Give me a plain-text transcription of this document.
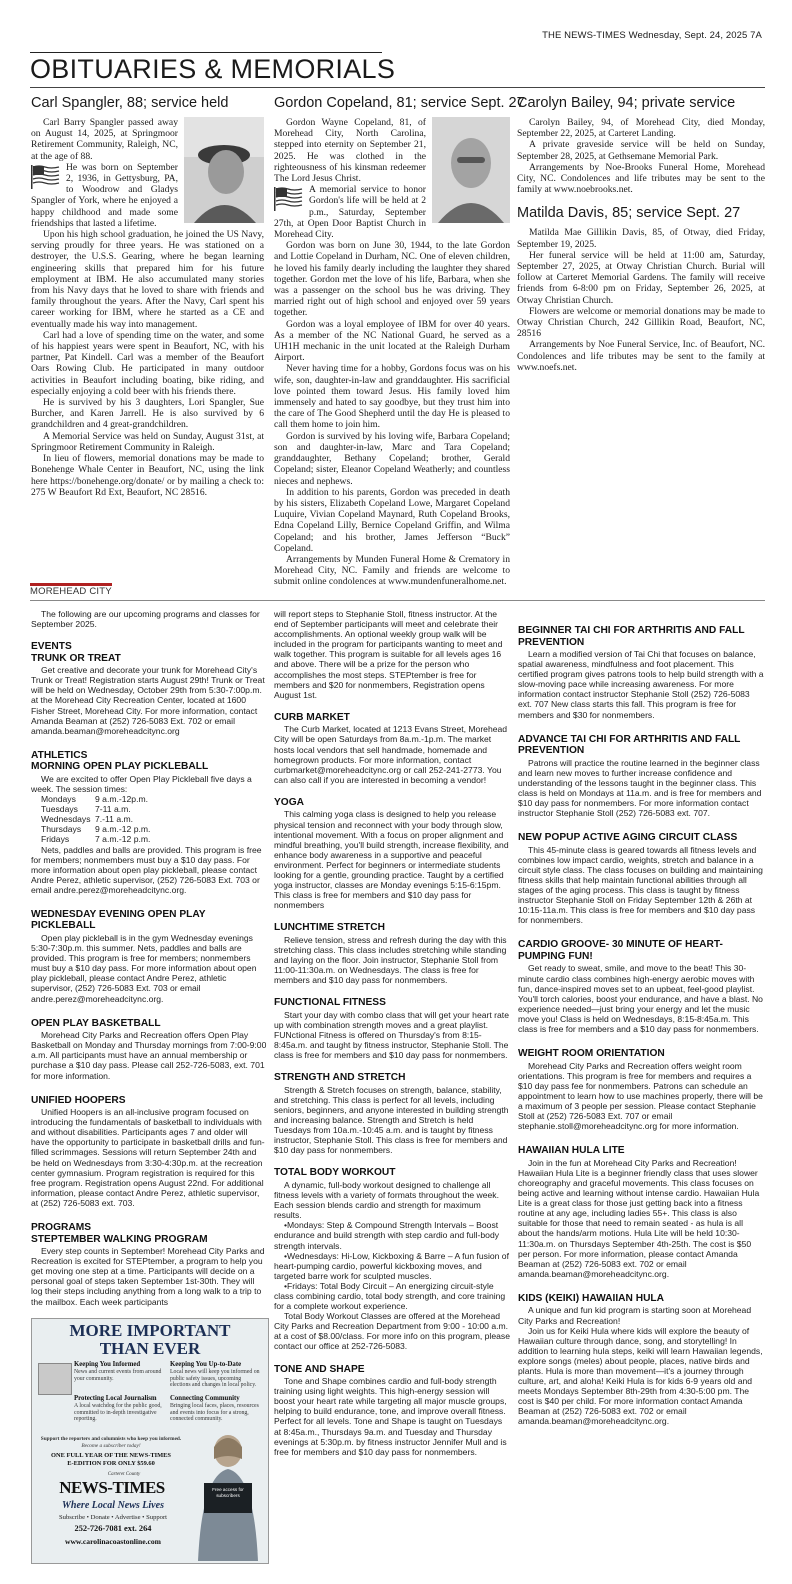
THE NEWS-TIMES Wednesday, Sept. 24, 2025 7A
OBITUARIES & MEMORIALS
Carl Spangler, 88; service held

Carl Barry Spangler passed away on August 14, 2025, at Springmoor Retirement Community, Raleigh, NC, at the age of 88.

He was born on September 2, 1936, in Gettysburg, PA, to Woodrow and Gladys Spangler of York, where he enjoyed a happy childhood and made some friendships that lasted a lifetime.

Upon his high school graduation, he joined the US Navy, serving proudly for three years. He was stationed on a destroyer, the U.S.S. Gearing, where he began learning engineering skills that prepared him for his future employment at IBM. He also accumulated many stories from his Navy days that he loved to share with friends and family throughout the years. After the Navy, Carl spent his career working for IBM, where he started as a CE and eventually made his way into management.

Carl had a love of spending time on the water, and some of his happiest years were spent in Beaufort, NC, with his partner, Pat Kindell. Carl was a member of the Beaufort Oars Rowing Club. He participated in many outdoor activities in Beaufort including boating, bike riding, and especially enjoying a cold beer with his friends there.

He is survived by his 3 daughters, Lori Spangler, Sue Burcher, and Karen Jarrell. He is also survived by 6 grandchildren and 4 great-grandchildren.

A Memorial Service was held on Sunday, August 31st, at Springmoor Retirement Community in Raleigh.

In lieu of flowers, memorial donations may be made to Bonehenge Whale Center in Beaufort, NC, using the link here https://bonehenge.org/donate/ or by mailing a check to: 275 W Beaufort Rd Ext, Beaufort, NC 28516.

Gordon Copeland, 81; service Sept. 27

Gordon Wayne Copeland, 81, of Morehead City, North Carolina, stepped into eternity on September 21, 2025. He was clothed in the righteousness of his kinsman redeemer The Lord Jesus Christ.

A memorial service to honor Gordon's life will be held at 2 p.m., Saturday, September 27th, at Open Door Baptist Church in Morehead City.

Gordon was born on June 30, 1944, to the late Gordon and Lottie Copeland in Durham, NC. One of eleven children, he loved his family dearly including the laughter they shared together. Gordon met the love of his life, Barbara, when she was a passenger on the school bus he was driving. They married right out of high school and enjoyed over 59 years together.

Gordon was a loyal employee of IBM for over 40 years. As a member of the NC National Guard, he served as a UH1H mechanic in the unit located at the Raleigh Durham Airport.

Never having time for a hobby, Gordons focus was on his wife, son, daughter-in-law and granddaughter. His sacrificial love pointed them toward Jesus. His family loved him immensely and hated to say goodbye, but they trust him into the care of The Good Shepherd until the day He is pleased to call them home to join him.

Gordon is survived by his loving wife, Barbara Copeland; son and daughter-in-law, Marc and Tara Copeland; granddaughter, Bethany Copeland; brother, Gerald Copeland; sister, Eleanor Copeland Weatherly; and countless nieces and nephews.

In addition to his parents, Gordon was preceded in death by his sisters, Elizabeth Copeland Lowe, Margaret Copeland Luquire, Vivian Copeland Maynard, Ruth Copeland Brooks, Edna Copeland Lilly, Bernice Copeland Griffin, and Wilma Copeland; and his brother, James Jefferson “Buck” Copeland.

Arrangements by Munden Funeral Home & Crematory in Morehead City, NC. Family and friends are welcome to submit online condolences at www.mundenfuneralhome.net.

Carolyn Bailey, 94; private service

Carolyn Bailey, 94, of Morehead City, died Monday, September 22, 2025, at Carteret Landing.

A private graveside service will be held on Sunday, September 28, 2025, at Gethsemane Memorial Park.

Arrangements by Noe-Brooks Funeral Home, Morehead City, NC. Condolences and life tributes may be sent to the family at www.noebrooks.net.

Matilda Davis, 85; service Sept. 27

Matilda Mae Gillikin Davis, 85, of Otway, died Friday, September 19, 2025.

Her funeral service will be held at 11:00 am, Saturday, September 27, 2025, at Otway Christian Church. Burial will follow at Carteret Memorial Gardens. The family will receive friends from 6-8:00 pm on Friday, September 26, 2025, at Otway Christian Church.

Flowers are welcome or memorial donations may be made to Otway Christian Church, 242 Gillikin Road, Beaufort, NC, 28516

Arrangements by Noe Funeral Service, Inc. of Beaufort, NC. Condolences and life tributes may be sent to the family at www.noefs.net.

MOREHEAD CITY

The following are our upcoming programs and classes for September 2025.

EVENTS
TRUNK OR TREAT

Get creative and decorate your trunk for Morehead City's Trunk or Treat! Registration starts August 29th! Trunk or Treat will be held on Wednesday, October 29th from 5:30-7:00p.m. at the Morehead City Recreation Center, located at 1600 Fisher Street, Morehead City. For more information, contact Amanda Beaman at (252) 726-5083 Ext. 702 or email amanda.beaman@moreheadcitync.org

ATHLETICS
MORNING OPEN PLAY PICKLEBALL

We are excited to offer Open Play Pickleball five days a week. The session times:

Mondays	9 a.m.-12p.m.
Tuesdays	7-11 a.m.
Wednesdays 7.-11 a.m.
Thursdays	9 a.m.-12 p.m.
Fridays	7 a.m.-12 p.m.

Nets, paddles and balls are provided. This program is free for members; nonmembers must buy a $10 day pass. For more information about open play pickleball, please contact Andre Perez, athletic supervisor, (252) 726-5083 Ext. 703 or email andre.perez@moreheadcitync.org.

WEDNESDAY EVENING OPEN PLAY PICKLEBALL

Open play pickleball is in the gym Wednesday evenings 5:30-7:30p.m. this summer. Nets, paddles and balls are provided. This program is free for members; nonmembers must buy a $10 day pass. For more information about open play pickleball, please contact Andre Perez, athletic supervisor, (252) 726-5083 Ext. 703 or email andre.perez@moreheadcitync.org.

OPEN PLAY BASKETBALL

Morehead City Parks and Recreation offers Open Play Basketball on Monday and Thursday mornings from 7:00-9:00 a.m. All participants must have an annual membership or purchase a $10 day pass. Please call 252-726-5083, ext. 701 for more information.

UNIFIED HOOPERS

Unified Hoopers is an all-inclusive program focused on introducing the fundamentals of basketball to individuals with and without disabilities. Participants ages 7 and older will have the opportunity to participate in basketball drills and fun-filled scrimmages. Sessions will return September 24th and be held on Wednesdays from 3:30-4:30p.m. at the recreation center gymnasium. Program registration is required for this free program. Registration opens August 22nd. For additional information, please contact Andre Perez, athletic supervisor, at (252) 726-5083 ext. 703.

PROGRAMS
STEPTEMBER WALKING PROGRAM

Every step counts in September! Morehead City Parks and Recreation is excited for STEPtember, a program to help you get moving one step at a time. Participants will decide on a personal goal of steps taken September 1st-30th. They will log their steps including anything from a long walk to a trip to the mailbox. Each week participants

MORE IMPORTANT
THAN EVER
Keeping You Informed
News and current events from around your community.
Keeping You Up-to-Date
Local news will keep you informed on public safety issues, upcoming elections and changes in local policy.
Protecting Local Journalism
A local watchdog for the public good, committed to in-depth investigative reporting.
Connecting Community
Bringing local faces, places, resources and events into focus for a strong, connected community.
Support the reporters and columnists who keep you informed.
Become a subscriber today!
ONE FULL YEAR OF THE NEWS-TIMES
E-EDITION FOR ONLY $59.60
Carteret County
NEWS-TIMES
Where Local News Lives
Subscribe • Donate • Advertise • Support
252-726-7081 ext. 264
www.carolinacoastonline.com
Free access for subscribers

will report steps to Stephanie Stoll, fitness instructor. At the end of September participants will meet and celebrate their accomplishments. An optional weekly group walk will be included in the program for participants wanting to meet and walk together. This program is suitable for all levels ages 16 and above. There will be a prize for the person who accomplishes the most steps. STEPtember is free for members and $20 for nonmembers, Registration opens August 1st.

CURB MARKET

The Curb Market, located at 1213 Evans Street, Morehead City will be open Saturdays from 8a.m.-1p.m. The market hosts local vendors that sell handmade, homemade and homegrown products. For more information, contact curbmarket@moreheadcitync.org or call 252-241-2773. You can also call if you are interested in becoming a vendor!

YOGA

This calming yoga class is designed to help you release physical tension and reconnect with your body through slow, intentional movement. With a focus on proper alignment and mindful breathing, you'll build strength, increase flexibility, and enhance body awareness in a supportive and peaceful environment. Perfect for beginners or intermediate students looking for a gentle, grounding practice. Taught by a certified yoga instructor, classes are Monday evenings 5:15-6:15pm. This class is free for members and $10 day pass for nonmembers

LUNCHTIME STRETCH

Relieve tension, stress and refresh during the day with this stretching class. This class includes stretching while standing and laying on the floor. Join instructor, Stephanie Stoll from 11:00-11:30a.m. on Wednesdays. The class is free for members and $10 day pass for nonmembers.

FUNCTIONAL FITNESS

Start your day with combo class that will get your heart rate up with combination strength moves and a great playlist. FUNctional Fitness is offered on Thursday's from 8:15-8:45a.m. and taught by fitness instructor, Stephanie Stoll. The class is free for members and $10 day pass for nonmembers.

STRENGTH AND STRETCH

Strength & Stretch focuses on strength, balance, stability, and stretching. This class is perfect for all levels, including seniors, beginners, and anyone interested in building strength and increasing balance. Strength and Stretch is held Tuesdays from 10a.m.-10:45 a.m. and is taught by fitness instructor, Stephanie Stoll. This class is free for members and $10 day pass for nonmembers.

TOTAL BODY WORKOUT

A dynamic, full-body workout designed to challenge all fitness levels with a variety of formats throughout the week. Each session blends cardio and strength for maximum results.

•Mondays: Step & Compound Strength Intervals – Boost endurance and build strength with step cardio and full-body strength intervals.

•Wednesdays: Hi-Low, Kickboxing & Barre – A fun fusion of heart-pumping cardio, powerful kickboxing moves, and targeted barre work for sculpted muscles.

•Fridays: Total Body Circuit – An energizing circuit-style class combining cardio, total body strength, and core training for a complete workout experience.

Total Body Workout Classes are offered at the Morehead City Parks and Recreation Department from 9:00 - 10:00 a.m. at a cost of $8.00/class. For more info on this program, please contact our office at 252-726-5083.

TONE AND SHAPE

Tone and Shape combines cardio and full-body strength training using light weights. This high-energy session will boost your heart rate while targeting all major muscle groups, helping to build endurance, tone, and improve overall fitness. Perfect for all levels. Tone and Shape is taught on Tuesdays at 8:45a.m., Thursdays 9a.m. and Tuesday and Thursday evenings at 5:30p.m. by fitness instructor Jennifer Mull and is free for members and $10 day pass for nonmembers.

BEGINNER TAI CHI FOR ARTHRITIS AND FALL PREVENTION

Learn a modified version of Tai Chi that focuses on balance, spatial awareness, mindfulness and foot placement. This certified program gives patrons tools to help build strength with a slow-moving pace while increasing awareness. For more information contact instructor Stephanie Stoll (252) 726-5083 ext. 707 New class starts this fall. This program is free for members and $30 for nonmembers.

ADVANCE TAI CHI FOR ARTHRITIS AND FALL PREVENTION

Patrons will practice the routine learned in the beginner class and learn new moves to further increase confidence and understanding of the lessons taught in the beginner class. This class is held on Mondays at 11a.m. and is free for members and $10 day pass for nonmembers. For more information contact instructor Stephanie Stoll (252) 726-5083 ext. 707.

NEW POPUP ACTIVE AGING CIRCUIT CLASS

This 45-minute class is geared towards all fitness levels and combines low impact cardio, weights, stretch and balance in a circuit style class. The class focuses on building and maintaining fitness skills that help maintain functional abilities through all stages of the aging process. This class is taught by fitness instructor Stephanie Stoll on Friday September 12th & 26th at 10:15-11a.m. This class is free for members and $10 day pass for nonmembers.

CARDIO GROOVE- 30 MINUTE OF HEART-PUMPING FUN!

Get ready to sweat, smile, and move to the beat! This 30-minute cardio class combines high-energy aerobic moves with fun, dance-inspired moves set to an upbeat, feel-good playlist. You'll torch calories, boost your endurance, and have a blast. No experience needed—just bring your energy and let the music move you! Class is held on Wednesdays, 8:15-8:45a.m. This class is free for members and a $10 day pass for nonmembers.

WEIGHT ROOM ORIENTATION

Morehead City Parks and Recreation offers weight room orientations. This program is free for members and requires a $10 day pass fee for nonmembers. Patrons can schedule an appointment to learn how to use machines properly, there will be a maximum of 3 people per session. Please contact Stephanie Stoll at (252) 726-5083 Ext. 707 or email stephanie.stoll@moreheadcitync.org for more information.

HAWAIIAN HULA LITE

Join in the fun at Morehead City Parks and Recreation! Hawaiian Hula Lite is a beginner friendly class that uses slower choreography and graceful movements. This class focuses on being active and learning without intense cardio. Hawaiian Hula Lite is a great class for those just getting back into a fitness routine at any age, including ladies 55+. This class is also suitable for those that need to remain seated - as hula is all about the hands/arm motions. Hula Lite will be held 10:30-11:30a.m. on Thursdays September 4th-25th. The cost is $50 per person. For more information, please contact Amanda Beaman at (252) 726-5083 ext. 702 or email amanda.beaman@moreheadcitync.org.

KIDS (KEIKI) HAWAIIAN HULA

A unique and fun kid program is starting soon at Morehead City Parks and Recreation!

Join us for Keiki Hula where kids will explore the beauty of Hawaiian culture through dance, song, and storytelling! In addition to learning hula steps, keiki will learn Hawaiian legends, explore songs (meles) about people, places, native birds and plants. Hula is more than movement—it's a journey through culture, art, and aloha! Keiki Hula is for kids 6-9 years old and meets Mondays September 8th-29th from 4:30-5:00 pm. The cost is $40 per child. For more information contact Amanda Beaman at (252) 726-5083 ext. 702 or email amanda.beaman@moreheadcitync.org.
